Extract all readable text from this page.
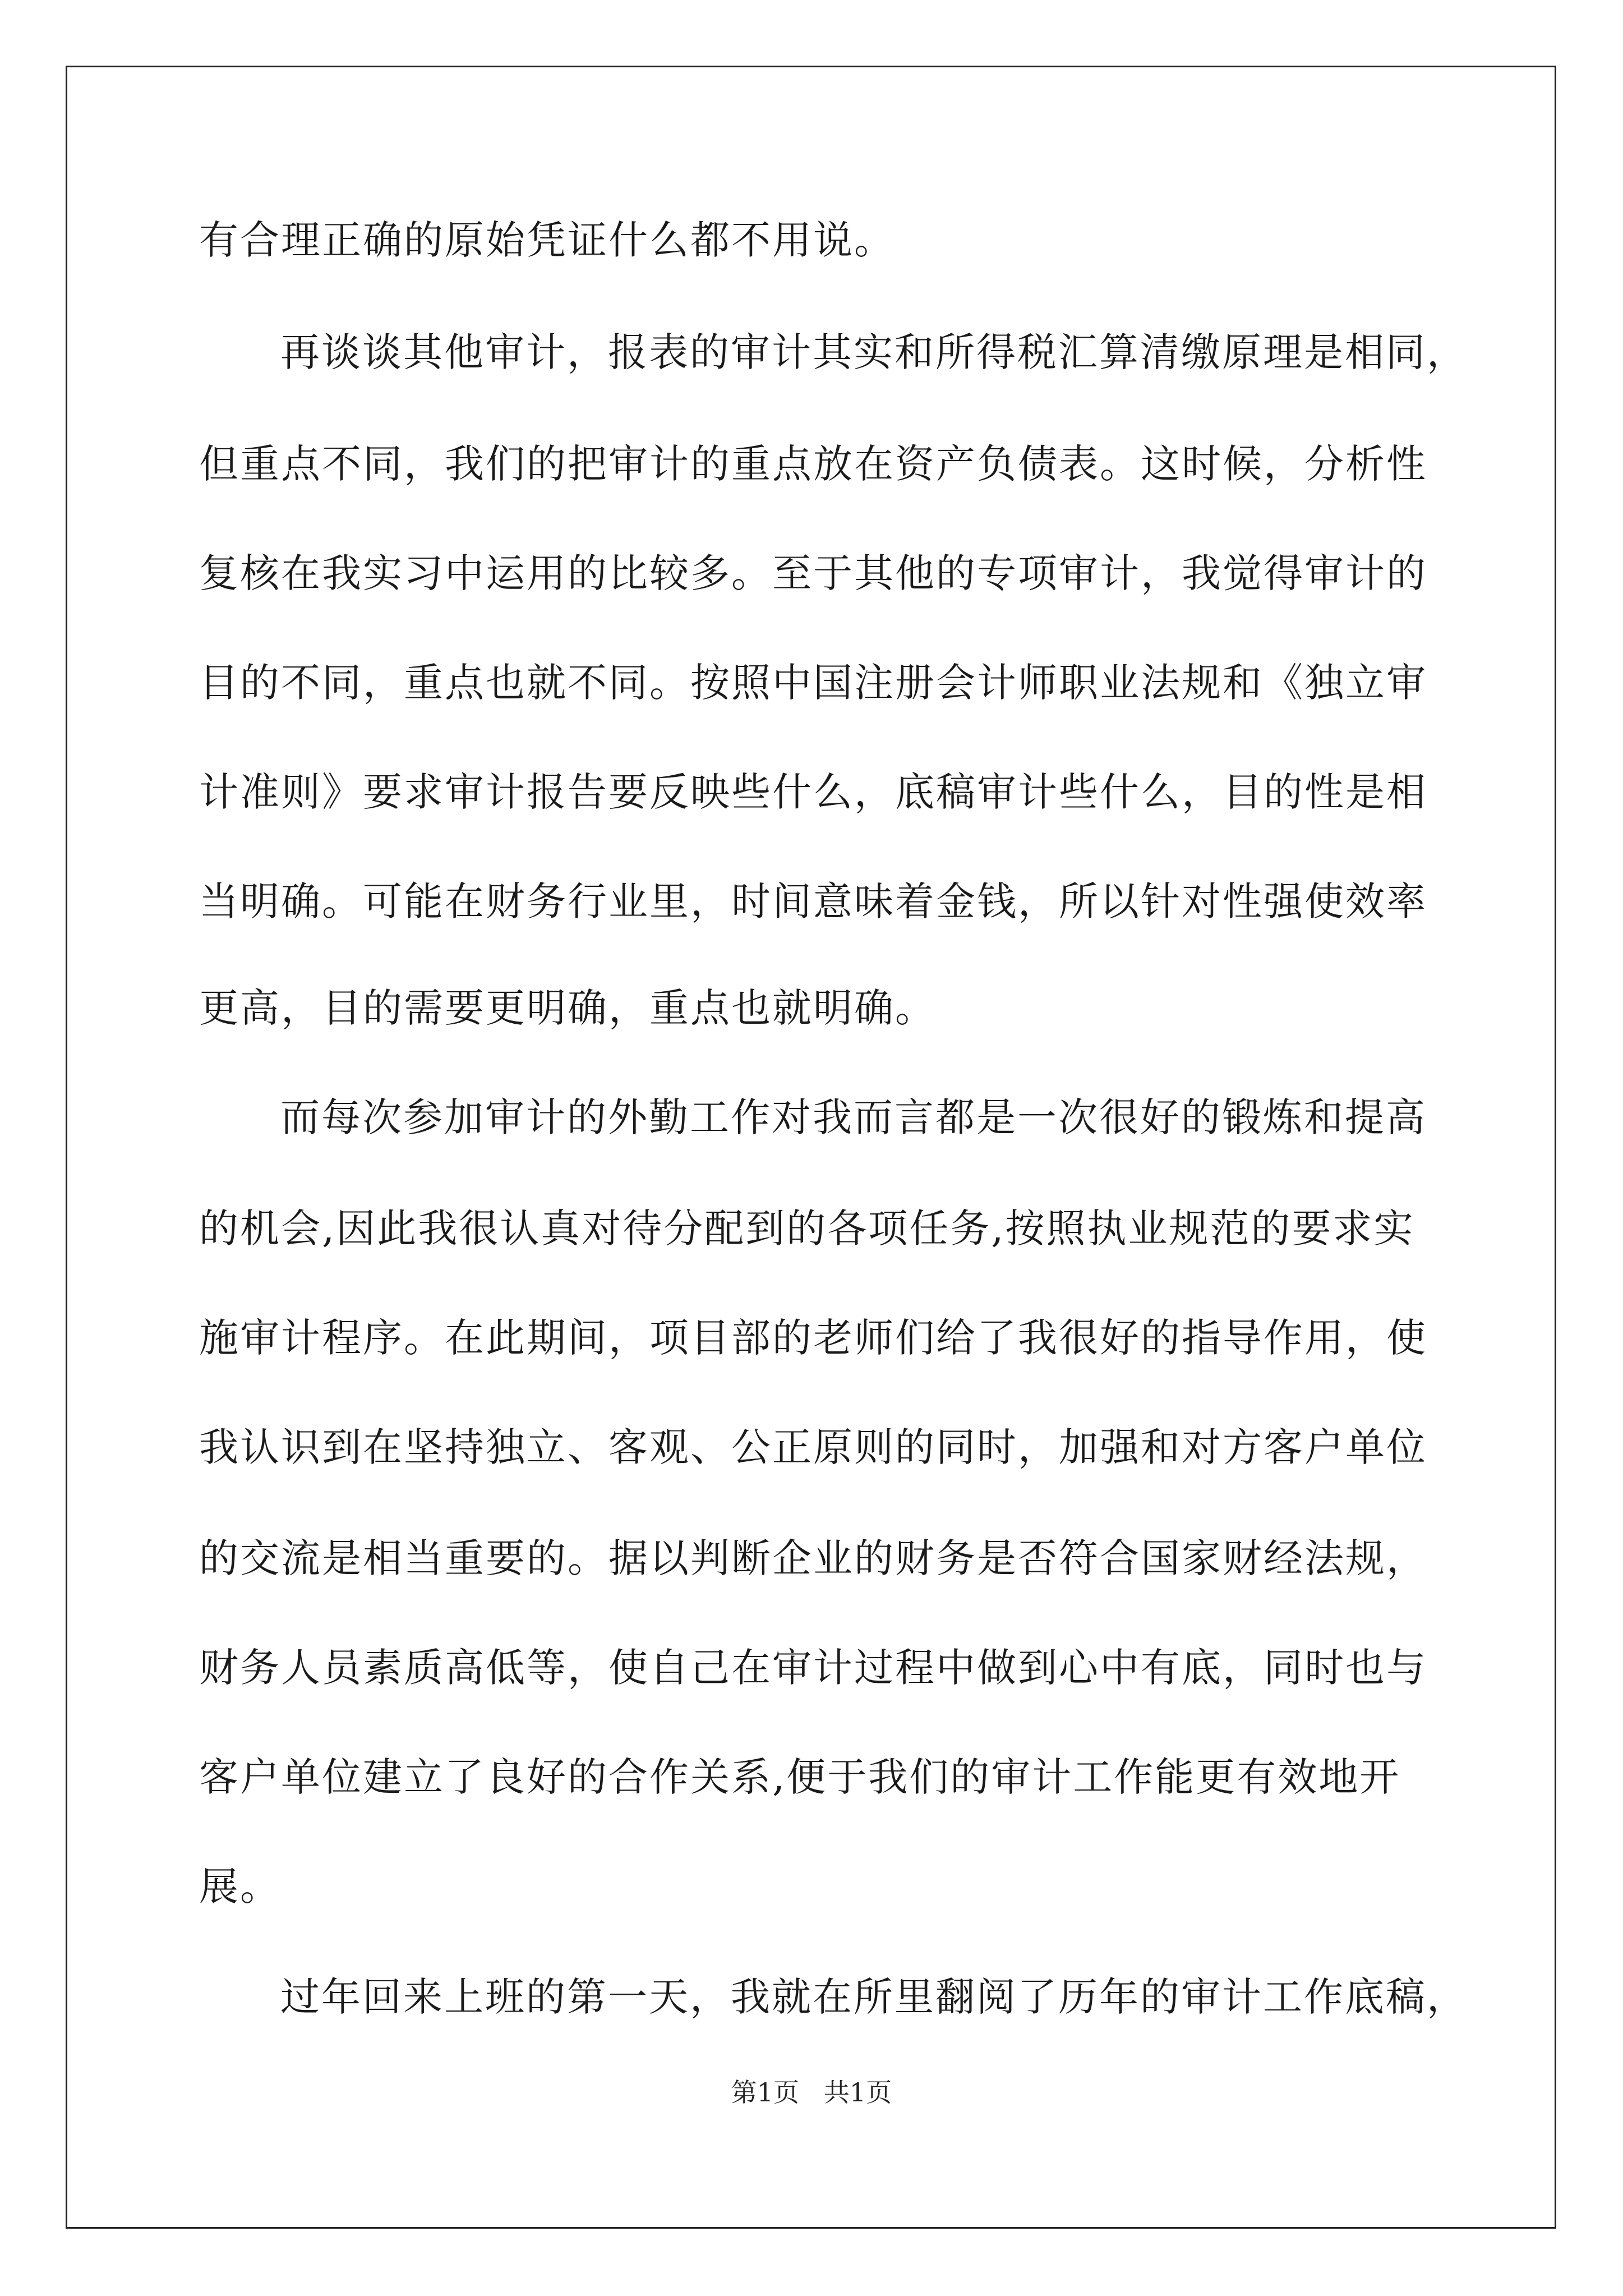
有合理正确的原始凭证什么都不用说。
再谈谈其他审计，报表的审计其实和所得税汇算清缴原理是相同，
但重点不同，我们的把审计的重点放在资产负债表。这时候，分析性
复核在我实习中运用的比较多。至于其他的专项审计，我觉得审计的
目的不同，重点也就不同。按照中国注册会计师职业法规和《独立审
计准则》要求审计报告要反映些什么，底稿审计些什么，目的性是相
当明确。可能在财务行业里，时间意味着金钱，所以针对性强使效率
更高，目的需要更明确，重点也就明确。
而每次参加审计的外勤工作对我而言都是一次很好的锻炼和提高
的机会,因此我很认真对待分配到的各项任务,按照执业规范的要求实
施审计程序。在此期间，项目部的老师们给了我很好的指导作用，使
我认识到在坚持独立、客观、公正原则的同时，加强和对方客户单位
的交流是相当重要的。据以判断企业的财务是否符合国家财经法规，
财务人员素质高低等，使自己在审计过程中做到心中有底，同时也与
客户单位建立了良好的合作关系,便于我们的审计工作能更有效地开
展。
过年回来上班的第一天，我就在所里翻阅了历年的审计工作底稿，
第1页   共1页
